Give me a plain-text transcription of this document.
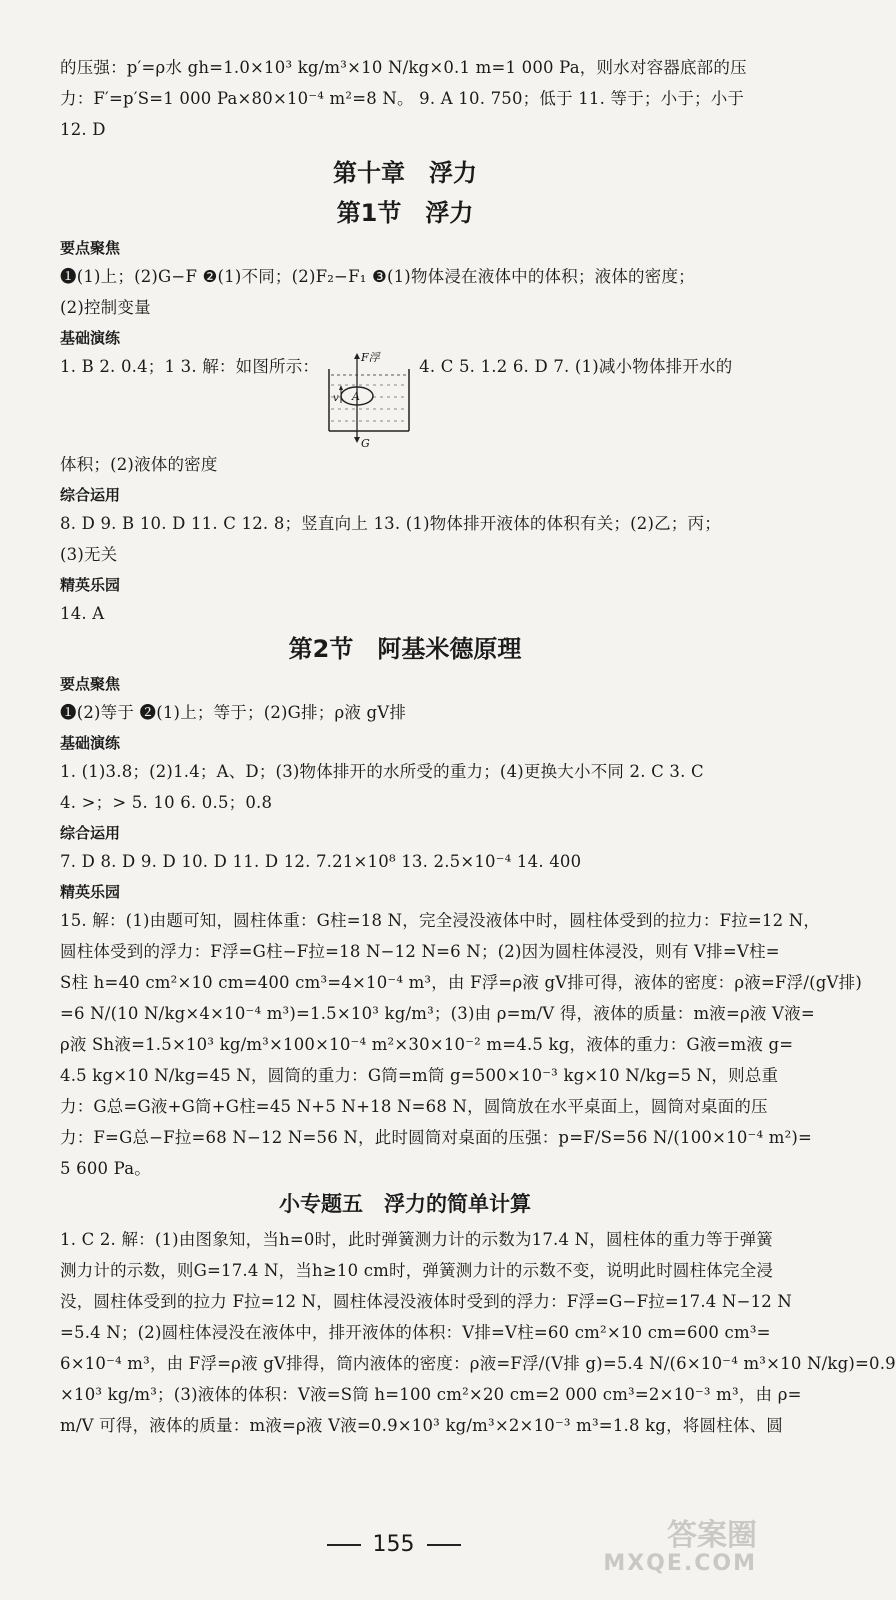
的压强：p′=ρ水 gh=1.0×10³ kg/m³×10 N/kg×0.1 m=1 000 Pa，则水对容器底部的压
力：F′=p′S=1 000 Pa×80×10⁻⁴ m²=8 N。 9. A 10. 750；低于 11. 等于；小于；小于
12. D
第十章　浮力
第1节　浮力
要点聚焦
❶(1)上；(2)G−F ❷(1)不同；(2)F₂−F₁ ❸(1)物体浸在液体中的体积；液体的密度；
(2)控制变量
基础演练
1. B 2. 0.4；1 3. 解：如图所示：	F浮
G
v A
4. C 5. 1.2 6. D 7. (1)减小物体排开水的
体积；(2)液体的密度
综合运用
8. D 9. B 10. D 11. C 12. 8；竖直向上 13. (1)物体排开液体的体积有关；(2)乙；丙；
(3)无关
精英乐园
14. A
第2节　阿基米德原理
要点聚焦
❶(2)等于 ❷(1)上；等于；(2)G排；ρ液 gV排
基础演练
1. (1)3.8；(2)1.4；A、D；(3)物体排开的水所受的重力；(4)更换大小不同 2. C 3. C
4. >；> 5. 10 6. 0.5；0.8
综合运用
7. D 8. D 9. D 10. D 11. D 12. 7.21×10⁸ 13. 2.5×10⁻⁴ 14. 400
精英乐园
15. 解：(1)由题可知，圆柱体重：G柱=18 N，完全浸没液体中时，圆柱体受到的拉力：F拉=12 N，
圆柱体受到的浮力：F浮=G柱−F拉=18 N−12 N=6 N；(2)因为圆柱体浸没，则有 V排=V柱=
S柱 h=40 cm²×10 cm=400 cm³=4×10⁻⁴ m³，由 F浮=ρ液 gV排可得，液体的密度：ρ液=F浮/(gV排)
=6 N/(10 N/kg×4×10⁻⁴ m³)=1.5×10³ kg/m³；(3)由 ρ=m/V 得，液体的质量：m液=ρ液 V液=
ρ液 Sh液=1.5×10³ kg/m³×100×10⁻⁴ m²×30×10⁻² m=4.5 kg，液体的重力：G液=m液 g=
4.5 kg×10 N/kg=45 N，圆筒的重力：G筒=m筒 g=500×10⁻³ kg×10 N/kg=5 N，则总重
力：G总=G液+G筒+G柱=45 N+5 N+18 N=68 N，圆筒放在水平桌面上，圆筒对桌面的压
力：F=G总−F拉=68 N−12 N=56 N，此时圆筒对桌面的压强：p=F/S=56 N/(100×10⁻⁴ m²)=
5 600 Pa。
小专题五　浮力的简单计算
1. C 2. 解：(1)由图象知，当h=0时，此时弹簧测力计的示数为17.4 N，圆柱体的重力等于弹簧
测力计的示数，则G=17.4 N，当h≥10 cm时，弹簧测力计的示数不变，说明此时圆柱体完全浸
没，圆柱体受到的拉力 F拉=12 N，圆柱体浸没液体时受到的浮力：F浮=G−F拉=17.4 N−12 N
=5.4 N；(2)圆柱体浸没在液体中，排开液体的体积：V排=V柱=60 cm²×10 cm=600 cm³=
6×10⁻⁴ m³，由 F浮=ρ液 gV排得，筒内液体的密度：ρ液=F浮/(V排 g)=5.4 N/(6×10⁻⁴ m³×10 N/kg)=0.9
×10³ kg/m³；(3)液体的体积：V液=S筒 h=100 cm²×20 cm=2 000 cm³=2×10⁻³ m³，由 ρ=
m/V 可得，液体的质量：m液=ρ液 V液=0.9×10³ kg/m³×2×10⁻³ m³=1.8 kg，将圆柱体、圆
155	答案圈
MXQE.COM
